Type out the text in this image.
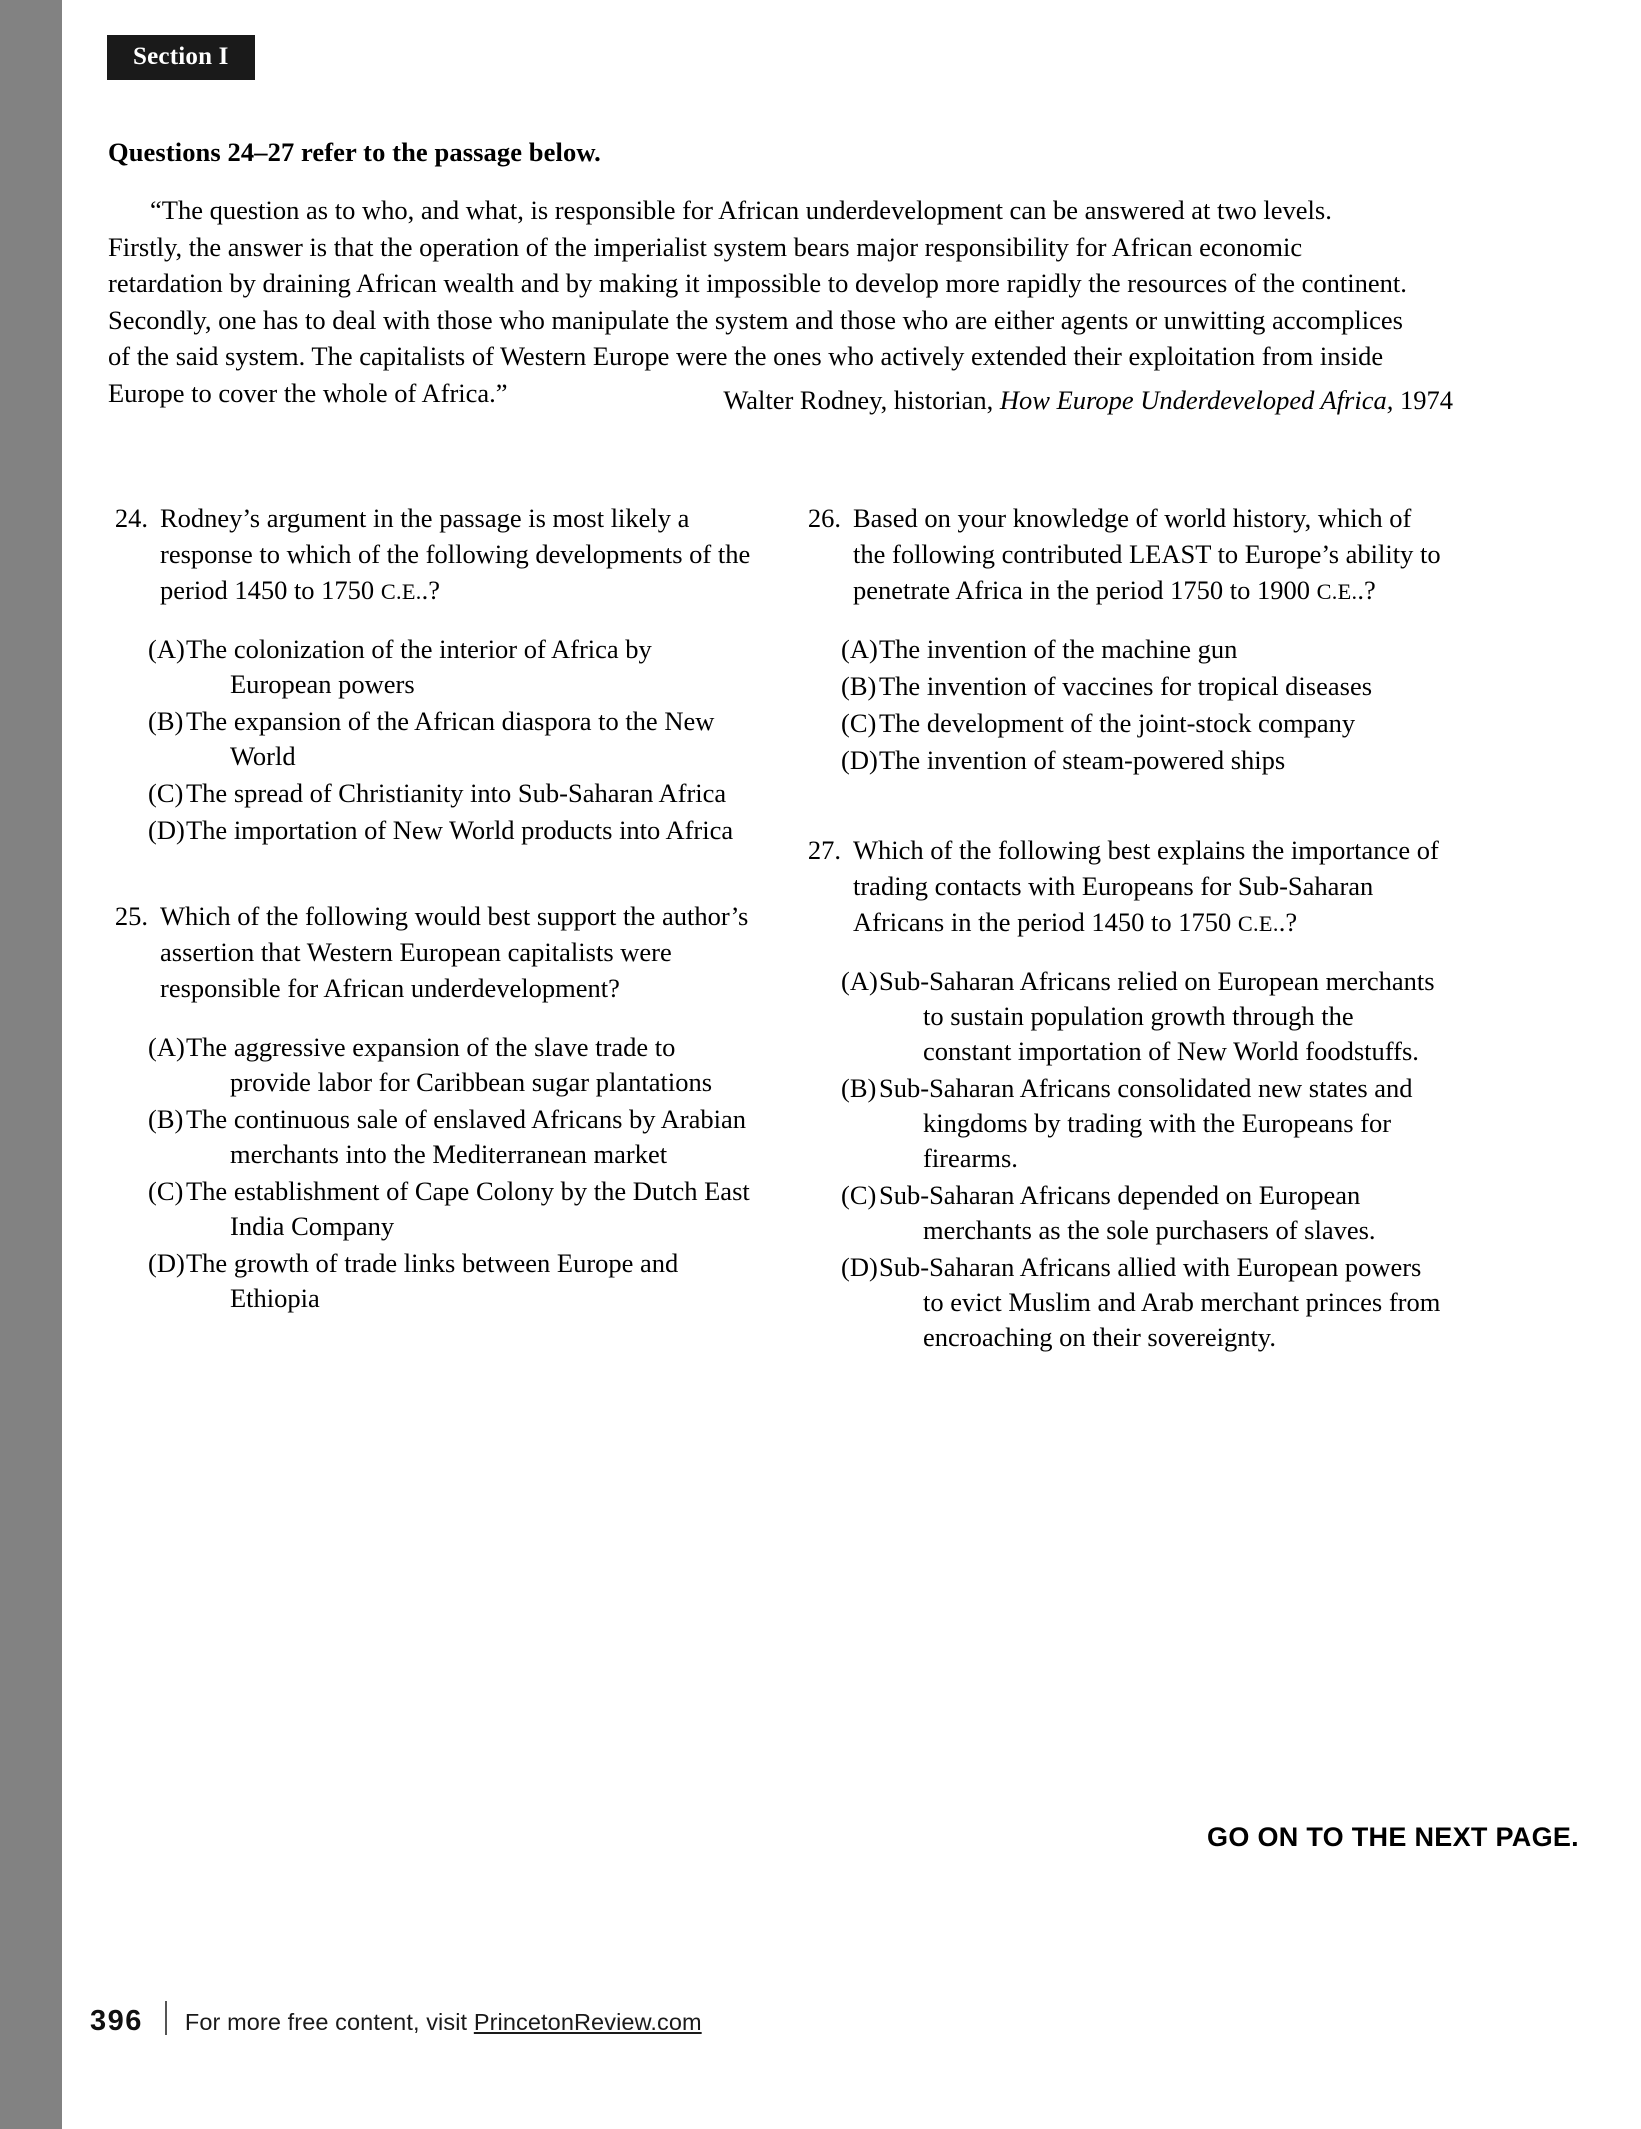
Section I
Questions 24–27 refer to the passage below.
“The question as to who, and what, is responsible for African underdevelopment can be answered at two levels. Firstly, the answer is that the operation of the imperialist system bears major responsibility for African economic retardation by draining African wealth and by making it impossible to develop more rapidly the resources of the continent. Secondly, one has to deal with those who manipulate the system and those who are either agents or unwitting accomplices of the said system. The capitalists of Western Europe were the ones who actively extended their exploitation from inside Europe to cover the whole of Africa.”	Walter Rodney, historian, How Europe Underdeveloped Africa, 1974
24. Rodney’s argument in the passage is most likely a response to which of the following developments of the period 1450 to 1750 C.E..?
(A) The colonization of the interior of Africa by European powers
(B) The expansion of the African diaspora to the New World
(C) The spread of Christianity into Sub-Saharan Africa
(D) The importation of New World products into Africa
25. Which of the following would best support the author’s assertion that Western European capitalists were responsible for African underdevelopment?
(A) The aggressive expansion of the slave trade to provide labor for Caribbean sugar plantations
(B) The continuous sale of enslaved Africans by Arabian merchants into the Mediterranean market
(C) The establishment of Cape Colony by the Dutch East India Company
(D) The growth of trade links between Europe and Ethiopia
26. Based on your knowledge of world history, which of the following contributed LEAST to Europe’s ability to penetrate Africa in the period 1750 to 1900 C.E..?
(A) The invention of the machine gun
(B) The invention of vaccines for tropical diseases
(C) The development of the joint-stock company
(D) The invention of steam-powered ships
27. Which of the following best explains the importance of trading contacts with Europeans for Sub-Saharan Africans in the period 1450 to 1750 C.E..?
(A) Sub-Saharan Africans relied on European merchants to sustain population growth through the constant importation of New World foodstuffs.
(B) Sub-Saharan Africans consolidated new states and kingdoms by trading with the Europeans for firearms.
(C) Sub-Saharan Africans depended on European merchants as the sole purchasers of slaves.
(D) Sub-Saharan Africans allied with European powers to evict Muslim and Arab merchant princes from encroaching on their sovereignty.
GO ON TO THE NEXT PAGE.
396 For more free content, visit PrincetonReview.com
